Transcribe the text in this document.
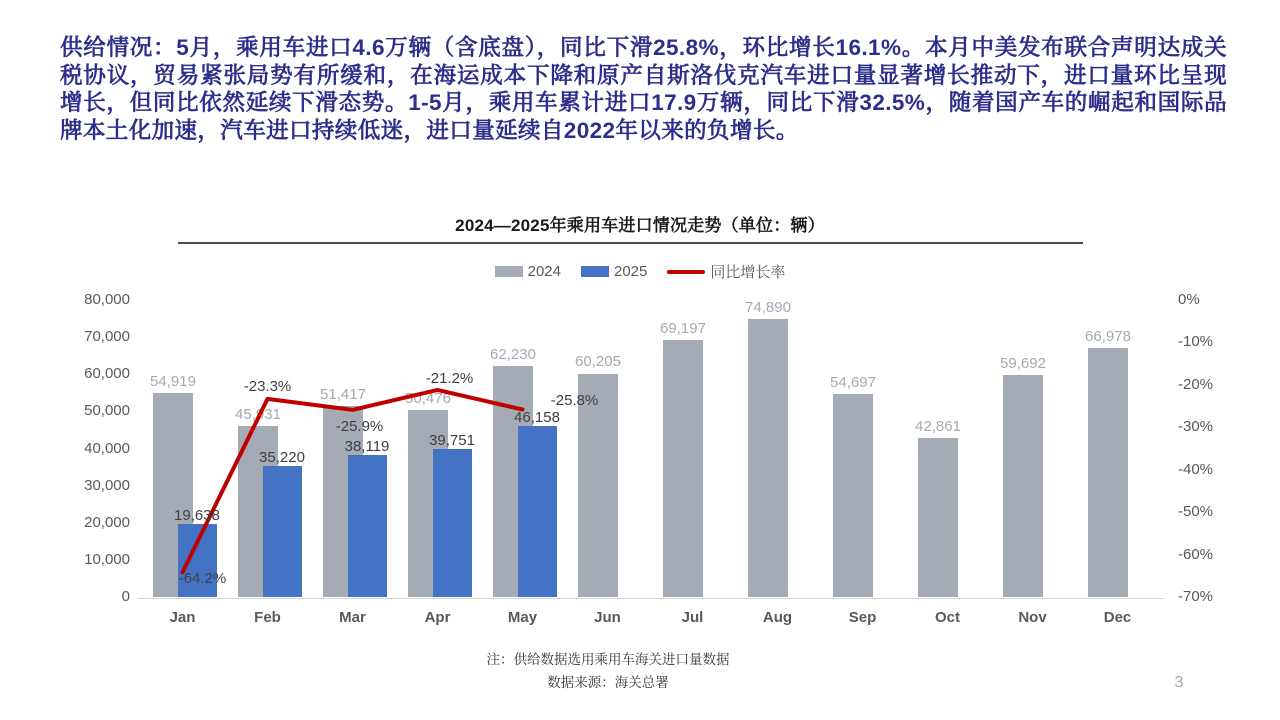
供给情况：5月，乘用车进口4.6万辆（含底盘），同比下滑25.8%，环比增长16.1%。本月中美发布联合声明达成关税协议，贸易紧张局势有所缓和，在海运成本下降和原产自斯洛伐克汽车进口量显著增长推动下，进口量环比呈现增长，但同比依然延续下滑态势。1-5月，乘用车累计进口17.9万辆，同比下滑32.5%，随着国产车的崛起和国际品牌本土化加速，汽车进口持续低迷，进口量延续自2022年以来的负增长。
2024—2025年乘用车进口情况走势（单位：辆）
2024	2025	同比增长率
0
10,000
20,000
30,000
40,000
50,000
60,000
70,000
80,000	0%
-10%
-20%
-30%
-40%
-50%
-60%
-70%
54,919
19,638
45,931
35,220
51,417
38,119
50,476
39,751
62,230
46,158
60,205
69,197
74,890
54,697
42,861
59,692
66,978
-64.2%
-23.3%
-25.9%
-21.2%
-25.8%
Jan	Feb	Mar	Apr	May	Jun	Jul	Aug	Sep	Oct	Nov	Dec
注：供给数据选用乘用车海关进口量数据
数据来源：海关总署	3
